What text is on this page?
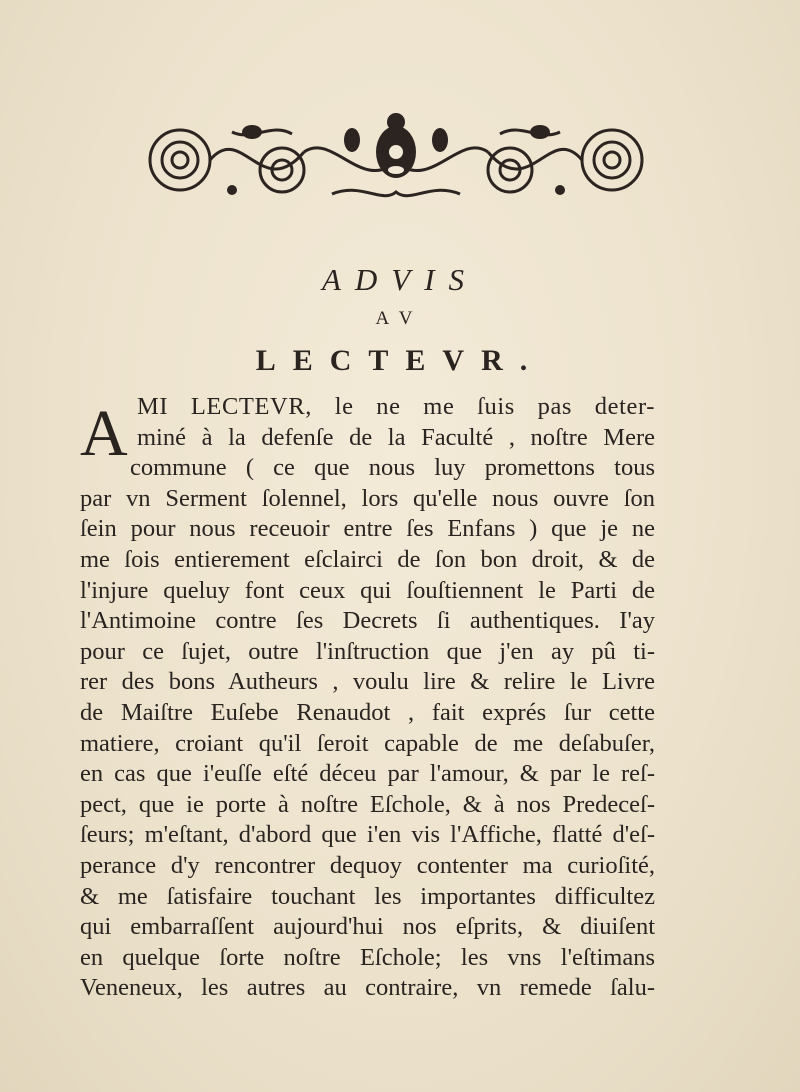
ADVIS
AV
LECTEVR.
A MI LECTEVR, le ne me ſuis pas deter-
miné à la defenſe de la Faculté , noſtre Mere
commune ( ce que nous luy promettons tous
par vn Serment ſolennel, lors qu'elle nous ouvre ſon
ſein pour nous receuoir entre ſes Enfans ) que je ne
me ſois entierement eſclairci de ſon bon droit, & de
l'injure queluy font ceux qui ſouſtiennent le Parti de
l'Antimoine contre ſes Decrets ſi authentiques. I'ay
pour ce ſujet, outre l'inſtruction que j'en ay pû ti-
rer des bons Autheurs , voulu lire & relire le Livre
de Maiſtre Euſebe Renaudot , fait exprés ſur cette
matiere, croiant qu'il ſeroit capable de me deſabuſer,
en cas que i'euſſe eſté déceu par l'amour, & par le reſ-
pect, que ie porte à noſtre Eſchole, & à nos Predeceſ-
ſeurs; m'eſtant, d'abord que i'en vis l'Affiche, flatté d'eſ-
perance d'y rencontrer dequoy contenter ma curioſité,
& me ſatisfaire touchant les importantes difficultez
qui embarraſſent aujourd'hui nos eſprits, & diuiſent
en quelque ſorte noſtre Eſchole; les vns l'eſtimans
Veneneux, les autres au contraire, vn remede ſalu-
